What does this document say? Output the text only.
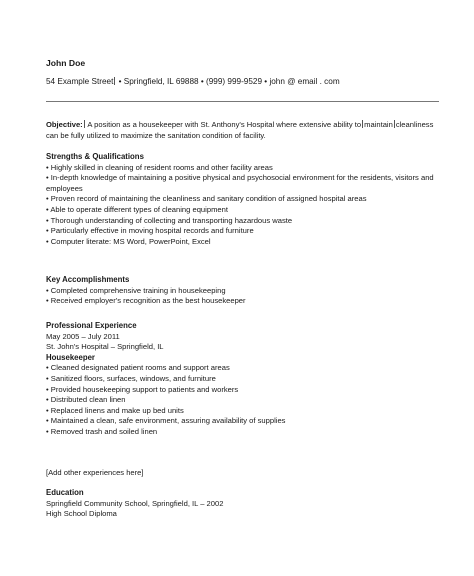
John Doe
54 Example Street • Springfield, IL 69888 • (999) 999-9529 • john @ email . com
Objective: A position as a housekeeper with St. Anthony's Hospital where extensive ability to maintain cleanliness can be fully utilized to maximize the sanitation condition of facility.
Strengths & Qualifications
• Highly skilled in cleaning of resident rooms and other facility areas
• In-depth knowledge of maintaining a positive physical and psychosocial environment for the residents, visitors and employees
• Proven record of maintaining the cleanliness and sanitary condition of assigned hospital areas
• Able to operate different types of cleaning equipment
• Thorough understanding of collecting and transporting hazardous waste
• Particularly effective in moving hospital records and furniture
• Computer literate: MS Word, PowerPoint, Excel
Key Accomplishments
• Completed comprehensive training in housekeeping
• Received employer's recognition as the best housekeeper
Professional Experience
May 2005 – July 2011
St. John's Hospital – Springfield, IL
Housekeeper
• Cleaned designated patient rooms and support areas
• Sanitized floors, surfaces, windows, and furniture
• Provided housekeeping support to patients and workers
• Distributed clean linen
• Replaced linens and make up bed units
• Maintained a clean, safe environment, assuring availability of supplies
• Removed trash and soiled linen
[Add other experiences here]
Education
Springfield Community School, Springfield, IL – 2002
High School Diploma
